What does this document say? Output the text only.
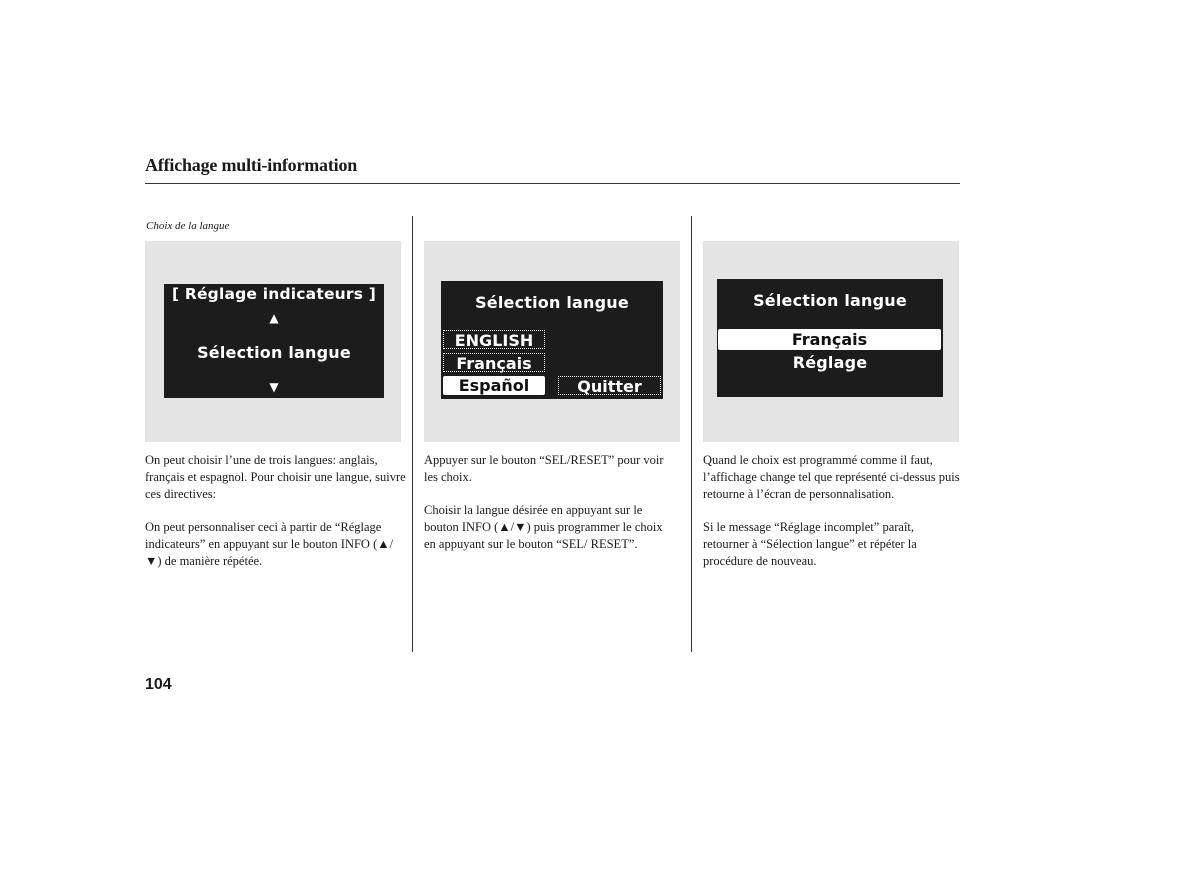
Affichage multi-information
Choix de la langue
[ Réglage indicateurs ]
▲
Sélection langue
▼
Sélection langue
ENGLISH
Français
Español	Quitter
Sélection langue
Français
Réglage

On peut choisir l’une de trois langues: anglais, français et espagnol. Pour choisir une langue, suivre ces directives:

On peut personnaliser ceci à partir de “Réglage indicateurs” en appuyant sur le bouton INFO (▲/▼) de manière répétée.

Appuyer sur le bouton “SEL/RESET” pour voir les choix.

Choisir la langue désirée en appuyant sur le bouton INFO (▲/▼) puis programmer le choix en appuyant sur le bouton “SEL/ RESET”.

Quand le choix est programmé comme il faut, l’affichage change tel que représenté ci-dessus puis retourne à l’écran de personnalisation.

Si le message “Réglage incomplet” paraît, retourner à “Sélection langue” et répéter la procédure de nouveau.

104
